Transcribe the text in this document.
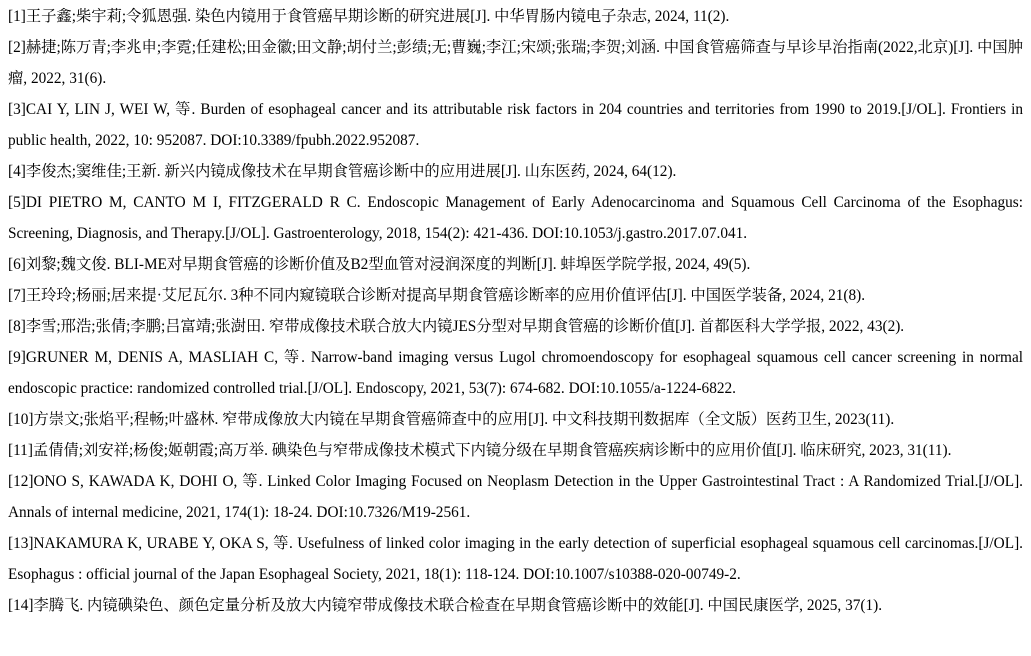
[1]王子鑫;柴宇莉;令狐恩强. 染色内镜用于食管癌早期诊断的研究进展[J]. 中华胃肠内镜电子杂志, 2024, 11(2).

[2]赫捷;陈万青;李兆申;李霓;任建松;田金徽;田文静;胡付兰;彭绩;无;曹巍;李江;宋颂;张瑞;李贺;刘涵. 中国食管癌筛查与早诊早治指南(2022,北京)[J]. 中国肿瘤, 2022, 31(6).

[3]CAI Y, LIN J, WEI W, 等. Burden of esophageal cancer and its attributable risk factors in 204 countries and territories from 1990 to 2019.[J/OL]. Frontiers in public health, 2022, 10: 952087. DOI:10.3389/fpubh.2022.952087.

[4]李俊杰;窦维佳;王新. 新兴内镜成像技术在早期食管癌诊断中的应用进展[J]. 山东医药, 2024, 64(12).

[5]DI PIETRO M, CANTO M I, FITZGERALD R C. Endoscopic Management of Early Adenocarcinoma and Squamous Cell Carcinoma of the Esophagus: Screening, Diagnosis, and Therapy.[J/OL]. Gastroenterology, 2018, 154(2): 421-436. DOI:10.1053/j.gastro.2017.07.041.

[6]刘黎;魏文俊. BLI-ME对早期食管癌的诊断价值及B2型血管对浸润深度的判断[J]. 蚌埠医学院学报, 2024, 49(5).

[7]王玲玲;杨丽;居来提·艾尼瓦尔. 3种不同内窥镜联合诊断对提高早期食管癌诊断率的应用价值评估[J]. 中国医学装备, 2024, 21(8).

[8]李雪;邢浩;张倩;李鹏;吕富靖;张澍田. 窄带成像技术联合放大内镜JES分型对早期食管癌的诊断价值[J]. 首都医科大学学报, 2022, 43(2).

[9]GRUNER M, DENIS A, MASLIAH C, 等. Narrow-band imaging versus Lugol chromoendoscopy for esophageal squamous cell cancer screening in normal endoscopic practice: randomized controlled trial.[J/OL]. Endoscopy, 2021, 53(7): 674-682. DOI:10.1055/a-1224-6822.

[10]方崇文;张焰平;程畅;叶盛林. 窄带成像放大内镜在早期食管癌筛查中的应用[J]. 中文科技期刊数据库（全文版）医药卫生, 2023(11).

[11]孟倩倩;刘安祥;杨俊;姬朝霞;高万举. 碘染色与窄带成像技术模式下内镜分级在早期食管癌疾病诊断中的应用价值[J]. 临床研究, 2023, 31(11).

[12]ONO S, KAWADA K, DOHI O, 等. Linked Color Imaging Focused on Neoplasm Detection in the Upper Gastrointestinal Tract : A Randomized Trial.[J/OL]. Annals of internal medicine, 2021, 174(1): 18-24. DOI:10.7326/M19-2561.

[13]NAKAMURA K, URABE Y, OKA S, 等. Usefulness of linked color imaging in the early detection of superficial esophageal squamous cell carcinomas.[J/OL]. Esophagus : official journal of the Japan Esophageal Society, 2021, 18(1): 118-124. DOI:10.1007/s10388-020-00749-2.

[14]李腾飞. 内镜碘染色、颜色定量分析及放大内镜窄带成像技术联合检查在早期食管癌诊断中的效能[J]. 中国民康医学, 2025, 37(1).
